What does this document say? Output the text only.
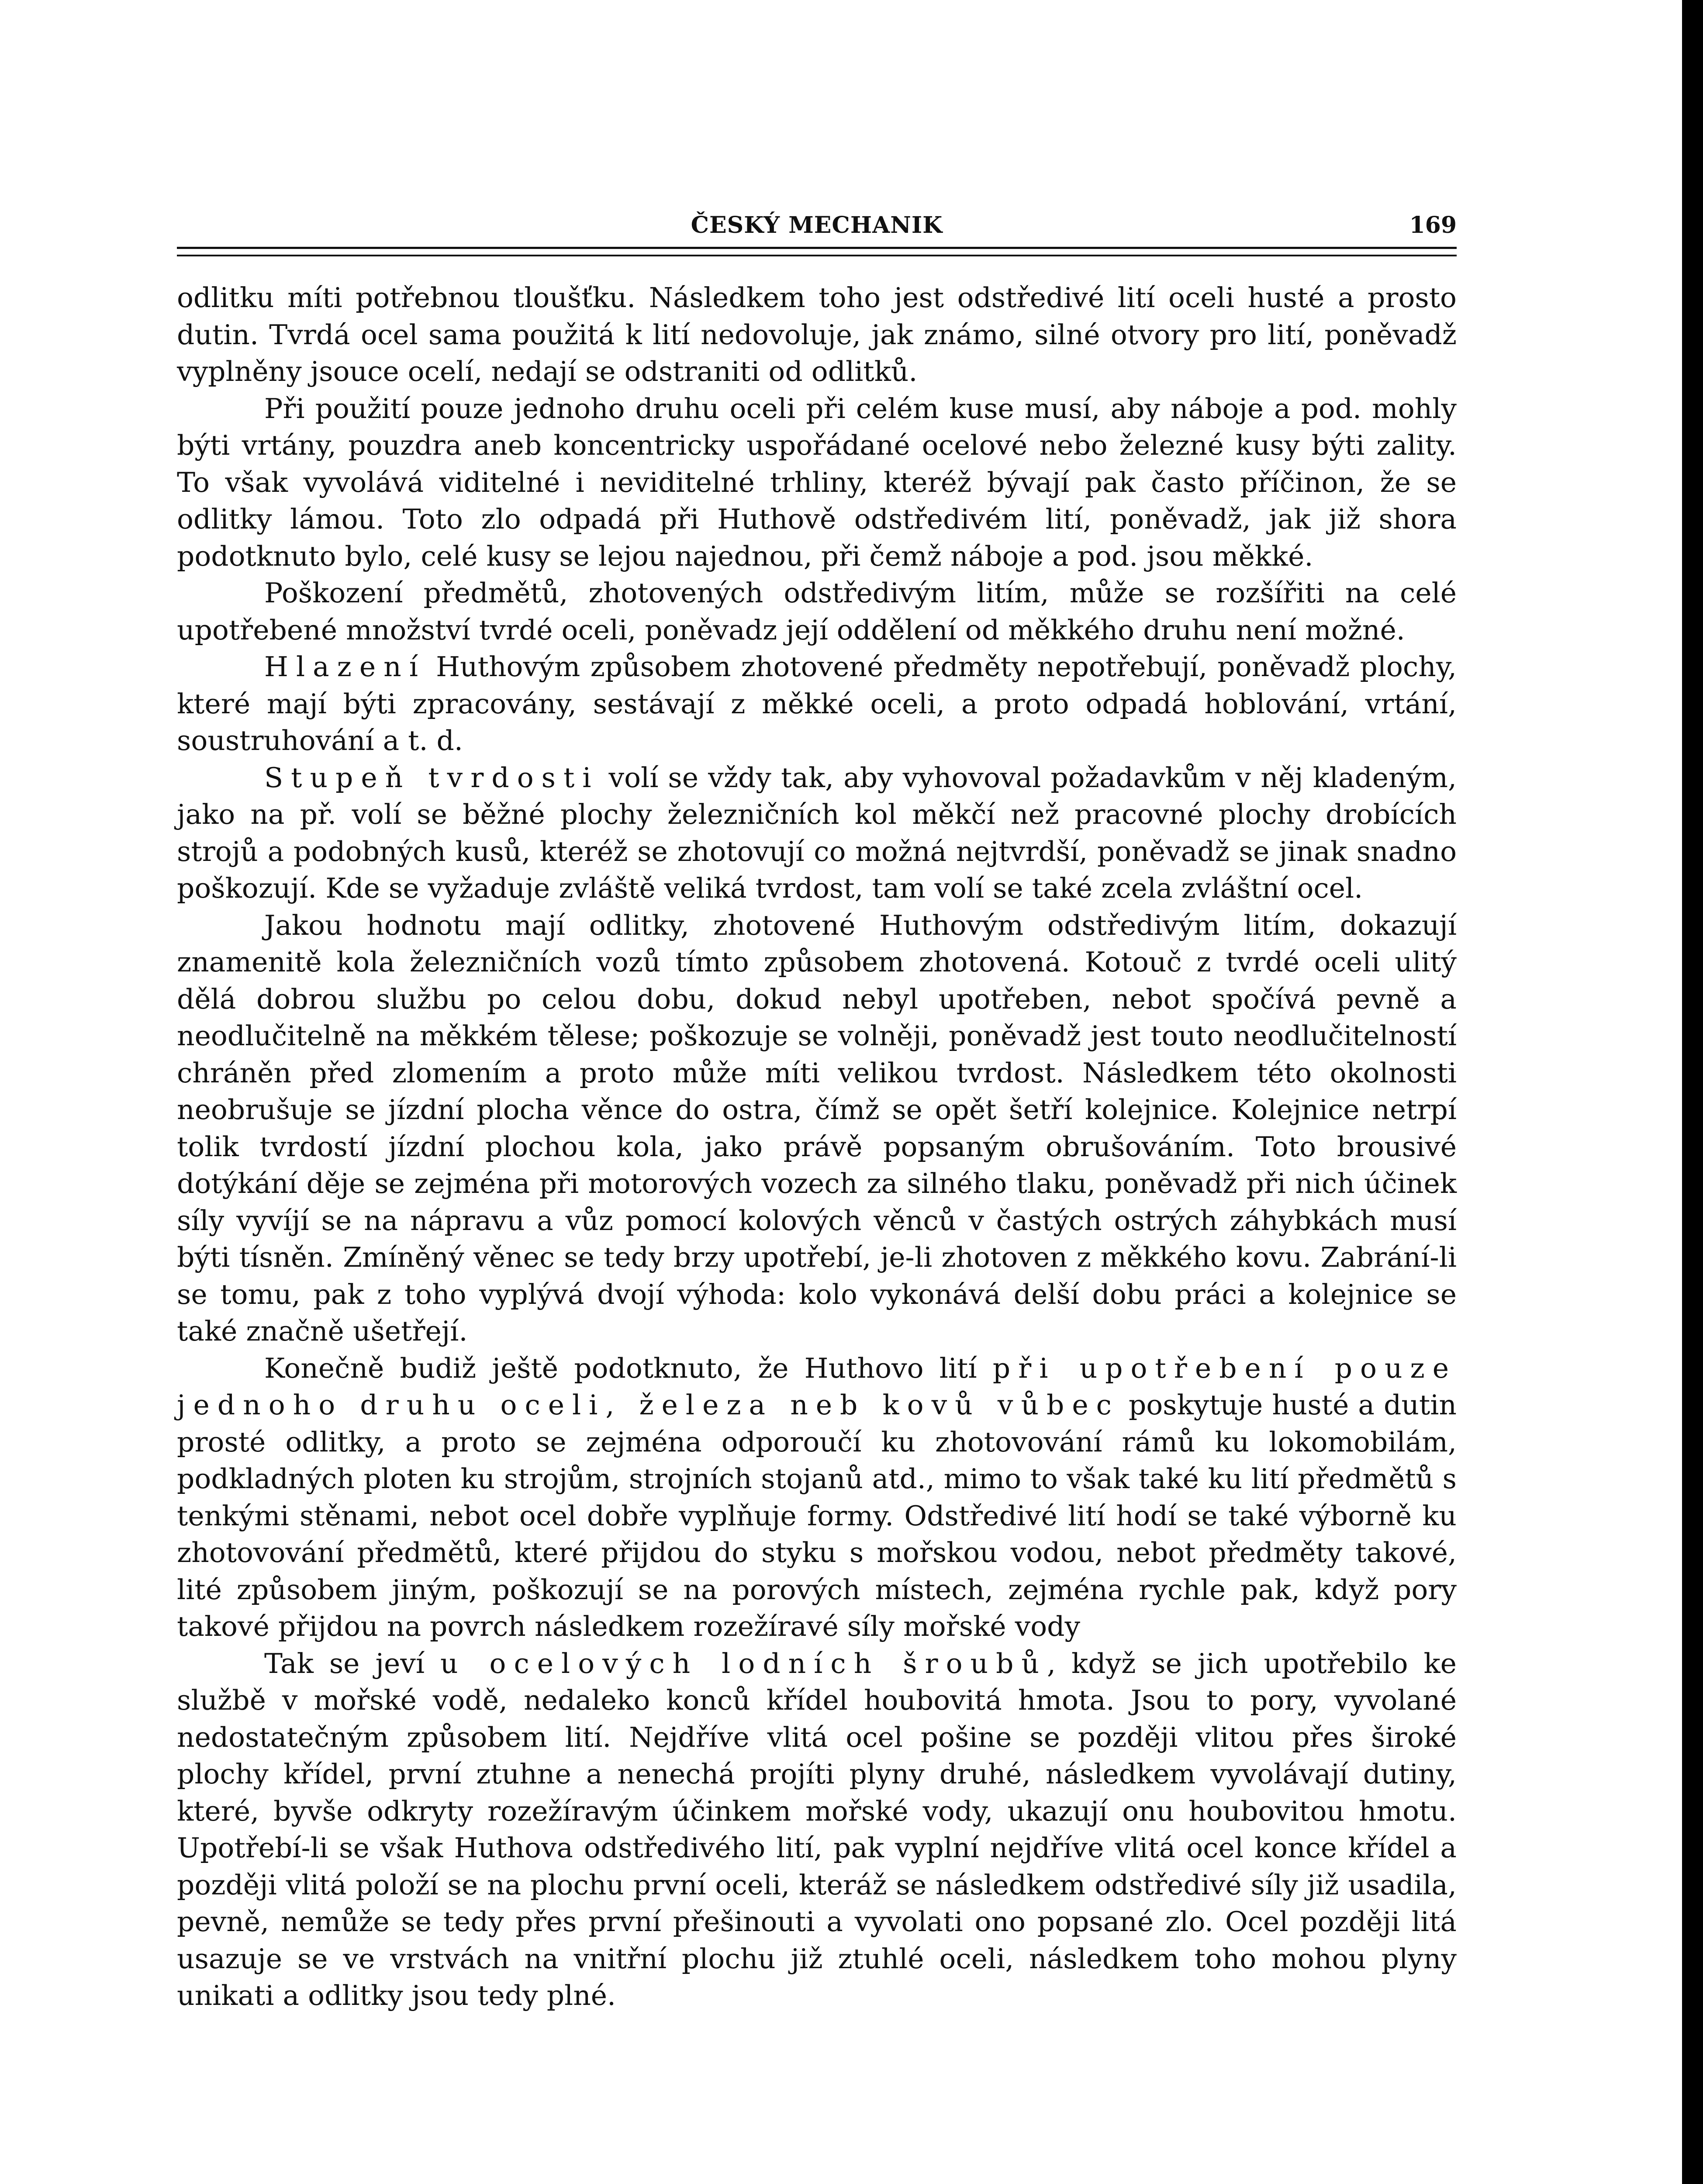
ČESKÝ MECHANIK	169

odlitku míti potřebnou tloušťku. Následkem toho jest odstředivé lití oceli husté a prosto dutin. Tvrdá ocel sama použitá k lití nedovoluje, jak známo, silné otvory pro lití, poněvadž vyplněny jsouce ocelí, nedají se odstraniti od odlitků.

Při použití pouze jednoho druhu oceli při celém kuse musí, aby náboje a pod. mohly býti vrtány, pouzdra aneb koncentricky uspořádané ocelové nebo železné kusy býti zality. To však vyvolává viditelné i neviditelné trhliny, kteréž bývají pak často příčinon, že se odlitky lámou. Toto zlo odpadá při Huthově odstředivém lití, poněvadž, jak již shora podotknuto bylo, celé kusy se lejou najednou, při čemž náboje a pod. jsou měkké.

Poškození předmětů, zhotovených odstředivým litím, může se rozšířiti na celé upotřebené množství tvrdé oceli, poněvadz její oddělení od měkkého druhu není možné.

Hlazení Huthovým způsobem zhotovené předměty nepotřebují, poněvadž plochy, které mají býti zpracovány, sestávají z měkké oceli, a proto odpadá hoblování, vrtání, soustruhování a t. d.

Stupeň tvrdosti volí se vždy tak, aby vyhovoval požadavkům v něj kladeným, jako na př. volí se běžné plochy železničních kol měkčí než pracovné plochy drobících strojů a podobných kusů, kteréž se zhotovují co možná nejtvrdší, poněvadž se jinak snadno poškozují. Kde se vyžaduje zvláště veliká tvrdost, tam volí se také zcela zvláštní ocel.

Jakou hodnotu mají odlitky, zhotovené Huthovým odstředivým litím, dokazují znamenitě kola železničních vozů tímto způsobem zhotovená. Kotouč z tvrdé oceli ulitý dělá dobrou službu po celou dobu, dokud nebyl upotřeben, nebot spočívá pevně a neodlučitelně na měkkém tělese; poškozuje se volněji, poněvadž jest touto neodlučitelností chráněn před zlomením a proto může míti velikou tvrdost. Následkem této okolnosti neobrušuje se jízdní plocha věnce do ostra, čímž se opět šetří kolejnice. Kolejnice netrpí tolik tvrdostí jízdní plochou kola, jako právě popsaným obrušováním. Toto brousivé dotýkání děje se zejména při motorových vozech za silného tlaku, poněvadž při nich účinek síly vyvíjí se na nápravu a vůz pomocí kolových věnců v častých ostrých záhybkách musí býti tísněn. Zmíněný věnec se tedy brzy upotřebí, je-li zhotoven z měkkého kovu. Zabrání-li se tomu, pak z toho vyplývá dvojí výhoda: kolo vykonává delší dobu práci a kolejnice se také značně ušetřejí.

Konečně budiž ještě podotknuto, že Huthovo lití při upotřebení pouze jednoho druhu oceli, železa neb kovů vůbec poskytuje husté a dutin prosté odlitky, a proto se zejména odporoučí ku zhotovování rámů ku lokomobilám, podkladných ploten ku strojům, strojních stojanů atd., mimo to však také ku lití předmětů s tenkými stěnami, nebot ocel dobře vyplňuje formy. Odstředivé lití hodí se také výborně ku zhotovování předmětů, které přijdou do styku s mořskou vodou, nebot předměty takové, lité způsobem jiným, poškozují se na porových místech, zejména rychle pak, když pory takové přijdou na povrch následkem rozežíravé síly mořské vody

Tak se jeví u ocelových lodních šroubů, když se jich upotřebilo ke službě v mořské vodě, nedaleko konců křídel houbovitá hmota. Jsou to pory, vyvolané nedostatečným způsobem lití. Nejdříve vlitá ocel pošine se později vlitou přes široké plochy křídel, první ztuhne a nenechá projíti plyny druhé, následkem vyvolávají dutiny, které, byvše odkryty rozežíravým účinkem mořské vody, ukazují onu houbovitou hmotu. Upotřebí-li se však Huthova odstředivého lití, pak vyplní nejdříve vlitá ocel konce křídel a později vlitá položí se na plochu první oceli, kteráž se následkem odstředivé síly již usadila, pevně, nemůže se tedy přes první přešinouti a vyvolati ono popsané zlo. Ocel později litá usazuje se ve vrstvách na vnitřní plochu již ztuhlé oceli, následkem toho mohou plyny unikati a odlitky jsou tedy plné.
